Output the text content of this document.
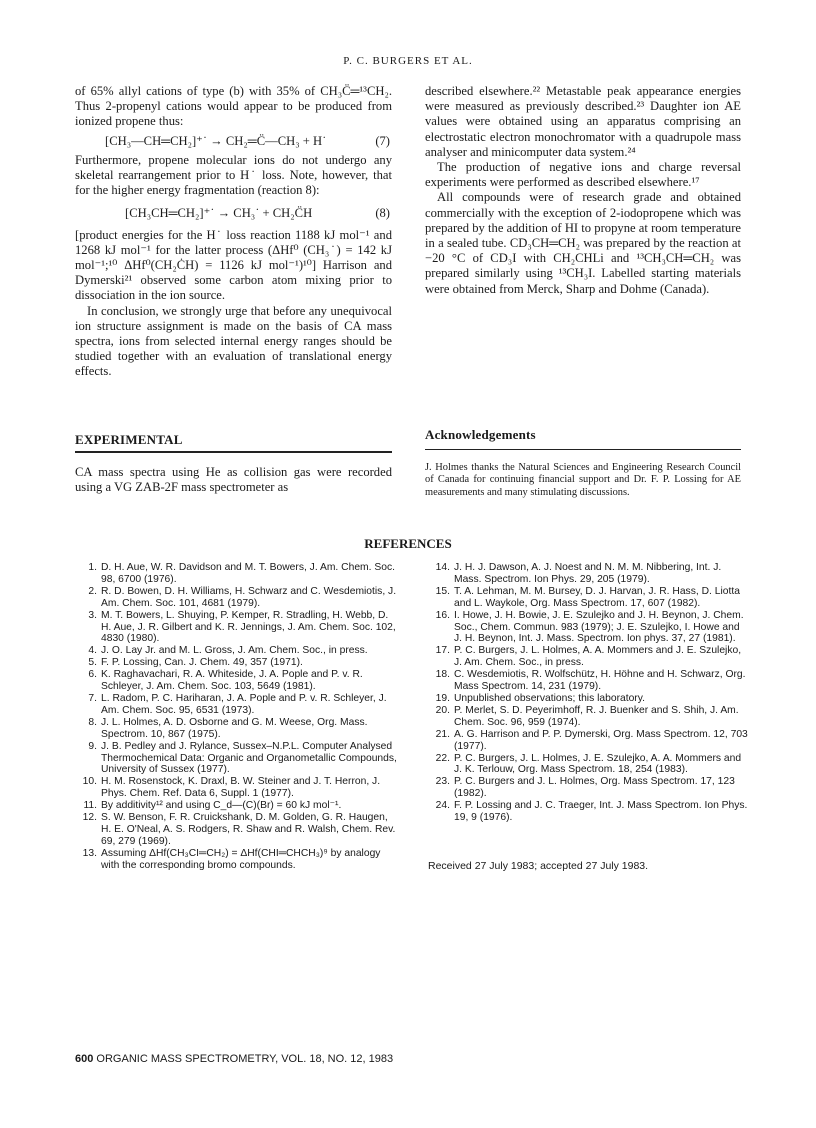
P. C. BURGERS ET AL.

of 65% allyl cations of type (b) with 35% of CH₃C̈═¹³CH₂. Thus 2-propenyl cations would appear to be produced from ionized propene thus:

[CH₃—CH═CH₂]⁺˙ → CH₂═C̈—CH₃ + H˙	(7)

Furthermore, propene molecular ions do not undergo any skeletal rearrangement prior to H˙ loss. Note, however, that for the higher energy fragmentation (reaction 8):

[CH₃CH═CH₂]⁺˙ → CH₃˙ + CH₂C̈H	(8)

[product energies for the H˙ loss reaction 1188 kJ mol⁻¹ and 1268 kJ mol⁻¹ for the latter process (ΔHf⁰ (CH₃˙) = 142 kJ mol⁻¹;¹⁰ ΔHf⁰(CH₂ĊH) = 1126 kJ mol⁻¹)¹⁰] Harrison and Dymerski²¹ observed some carbon atom mixing prior to dissociation in the ion source.

In conclusion, we strongly urge that before any unequivocal ion structure assignment is made on the basis of CA mass spectra, ions from selected internal energy ranges should be studied together with an evaluation of translational energy effects.

EXPERIMENTAL

CA mass spectra using He as collision gas were recorded using a VG ZAB-2F mass spectrometer as

described elsewhere.²² Metastable peak appearance energies were measured as previously described.²³ Daughter ion AE values were obtained using an apparatus comprising an electrostatic electron monochromator with a quadrupole mass analyser and minicomputer data system.²⁴

The production of negative ions and charge reversal experiments were performed as described elsewhere.¹⁷

All compounds were of research grade and obtained commercially with the exception of 2-iodopropene which was prepared by the addition of HI to propyne at room temperature in a sealed tube. CD₃CH═CH₂ was prepared by the reaction at −20 °C of CD₃I with CH₂CHLi and ¹³CH₃CH═CH₂ was prepared similarly using ¹³CH₃I. Labelled starting materials were obtained from Merck, Sharp and Dohme (Canada).

Acknowledgements

J. Holmes thanks the Natural Sciences and Engineering Research Council of Canada for continuing financial support and Dr. F. P. Lossing for AE measurements and many stimulating discussions.

REFERENCES
1. D. H. Aue, W. R. Davidson and M. T. Bowers, J. Am. Chem. Soc. 98, 6700 (1976).
2. R. D. Bowen, D. H. Williams, H. Schwarz and C. Wesdemiotis, J. Am. Chem. Soc. 101, 4681 (1979).
3. M. T. Bowers, L. Shuying, P. Kemper, R. Stradling, H. Webb, D. H. Aue, J. R. Gilbert and K. R. Jennings, J. Am. Chem. Soc. 102, 4830 (1980).
4. J. O. Lay Jr. and M. L. Gross, J. Am. Chem. Soc., in press.
5. F. P. Lossing, Can. J. Chem. 49, 357 (1971).
6. K. Raghavachari, R. A. Whiteside, J. A. Pople and P. v. R. Schleyer, J. Am. Chem. Soc. 103, 5649 (1981).
7. L. Radom, P. C. Hariharan, J. A. Pople and P. v. R. Schleyer, J. Am. Chem. Soc. 95, 6531 (1973).
8. J. L. Holmes, A. D. Osborne and G. M. Weese, Org. Mass. Spectrom. 10, 867 (1975).
9. J. B. Pedley and J. Rylance, Sussex–N.P.L. Computer Analysed Thermochemical Data: Organic and Organometallic Compounds, University of Sussex (1977).
10. H. M. Rosenstock, K. Draxl, B. W. Steiner and J. T. Herron, J. Phys. Chem. Ref. Data 6, Suppl. 1 (1977).
11. By additivity¹² and using C_d—(C)(Br) = 60 kJ mol⁻¹.
12. S. W. Benson, F. R. Cruickshank, D. M. Golden, G. R. Haugen, H. E. O'Neal, A. S. Rodgers, R. Shaw and R. Walsh, Chem. Rev. 69, 279 (1969).
13. Assuming ΔHf(CH₃CI═CH₂) = ΔHf(CHI═CHCH₃)⁹ by analogy with the corresponding bromo compounds.
14. J. H. J. Dawson, A. J. Noest and N. M. M. Nibbering, Int. J. Mass. Spectrom. Ion Phys. 29, 205 (1979).
15. T. A. Lehman, M. M. Bursey, D. J. Harvan, J. R. Hass, D. Liotta and L. Waykole, Org. Mass Spectrom. 17, 607 (1982).
16. I. Howe, J. H. Bowie, J. E. Szulejko and J. H. Beynon, J. Chem. Soc., Chem. Commun. 983 (1979); J. E. Szulejko, I. Howe and J. H. Beynon, Int. J. Mass. Spectrom. Ion phys. 37, 27 (1981).
17. P. C. Burgers, J. L. Holmes, A. A. Mommers and J. E. Szulejko, J. Am. Chem. Soc., in press.
18. C. Wesdemiotis, R. Wolfschütz, H. Höhne and H. Schwarz, Org. Mass Spectrom. 14, 231 (1979).
19. Unpublished observations; this laboratory.
20. P. Merlet, S. D. Peyerimhoff, R. J. Buenker and S. Shih, J. Am. Chem. Soc. 96, 959 (1974).
21. A. G. Harrison and P. P. Dymerski, Org. Mass Spectrom. 12, 703 (1977).
22. P. C. Burgers, J. L. Holmes, J. E. Szulejko, A. A. Mommers and J. K. Terlouw, Org. Mass Spectrom. 18, 254 (1983).
23. P. C. Burgers and J. L. Holmes, Org. Mass Spectrom. 17, 123 (1982).
24. F. P. Lossing and J. C. Traeger, Int. J. Mass Spectrom. Ion Phys. 19, 9 (1976).
Received 27 July 1983; accepted 27 July 1983.
600 ORGANIC MASS SPECTROMETRY, VOL. 18, NO. 12, 1983
